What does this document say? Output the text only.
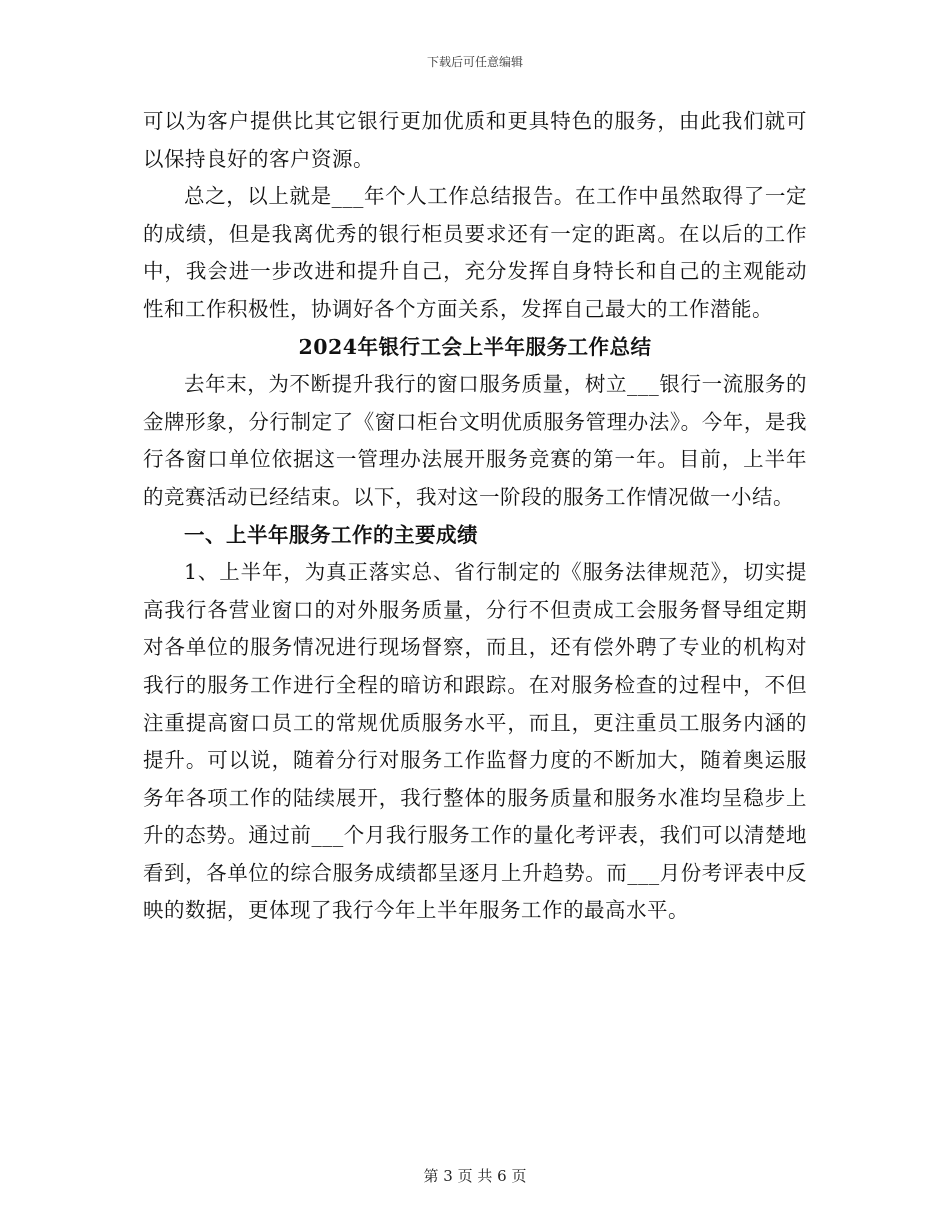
下载后可任意编辑

可以为客户提供比其它银行更加优质和更具特色的服务，由此我们就可以保持良好的客户资源。

总之，以上就是___年个人工作总结报告。在工作中虽然取得了一定的成绩，但是我离优秀的银行柜员要求还有一定的距离。在以后的工作中，我会进一步改进和提升自己，充分发挥自身特长和自己的主观能动性和工作积极性，协调好各个方面关系，发挥自己最大的工作潜能。

2024年银行工会上半年服务工作总结

去年末，为不断提升我行的窗口服务质量，树立___银行一流服务的金牌形象，分行制定了《窗口柜台文明优质服务管理办法》。今年，是我行各窗口单位依据这一管理办法展开服务竞赛的第一年。目前，上半年的竞赛活动已经结束。以下，我对这一阶段的服务工作情况做一小结。

一、上半年服务工作的主要成绩

1、上半年，为真正落实总、省行制定的《服务法律规范》，切实提高我行各营业窗口的对外服务质量，分行不但责成工会服务督导组定期对各单位的服务情况进行现场督察，而且，还有偿外聘了专业的机构对我行的服务工作进行全程的暗访和跟踪。在对服务检查的过程中，不但注重提高窗口员工的常规优质服务水平，而且，更注重员工服务内涵的提升。可以说，随着分行对服务工作监督力度的不断加大，随着奥运服务年各项工作的陆续展开，我行整体的服务质量和服务水准均呈稳步上升的态势。通过前___个月我行服务工作的量化考评表，我们可以清楚地看到，各单位的综合服务成绩都呈逐月上升趋势。而___月份考评表中反映的数据，更体现了我行今年上半年服务工作的最高水平。

第 3 页 共 6 页
